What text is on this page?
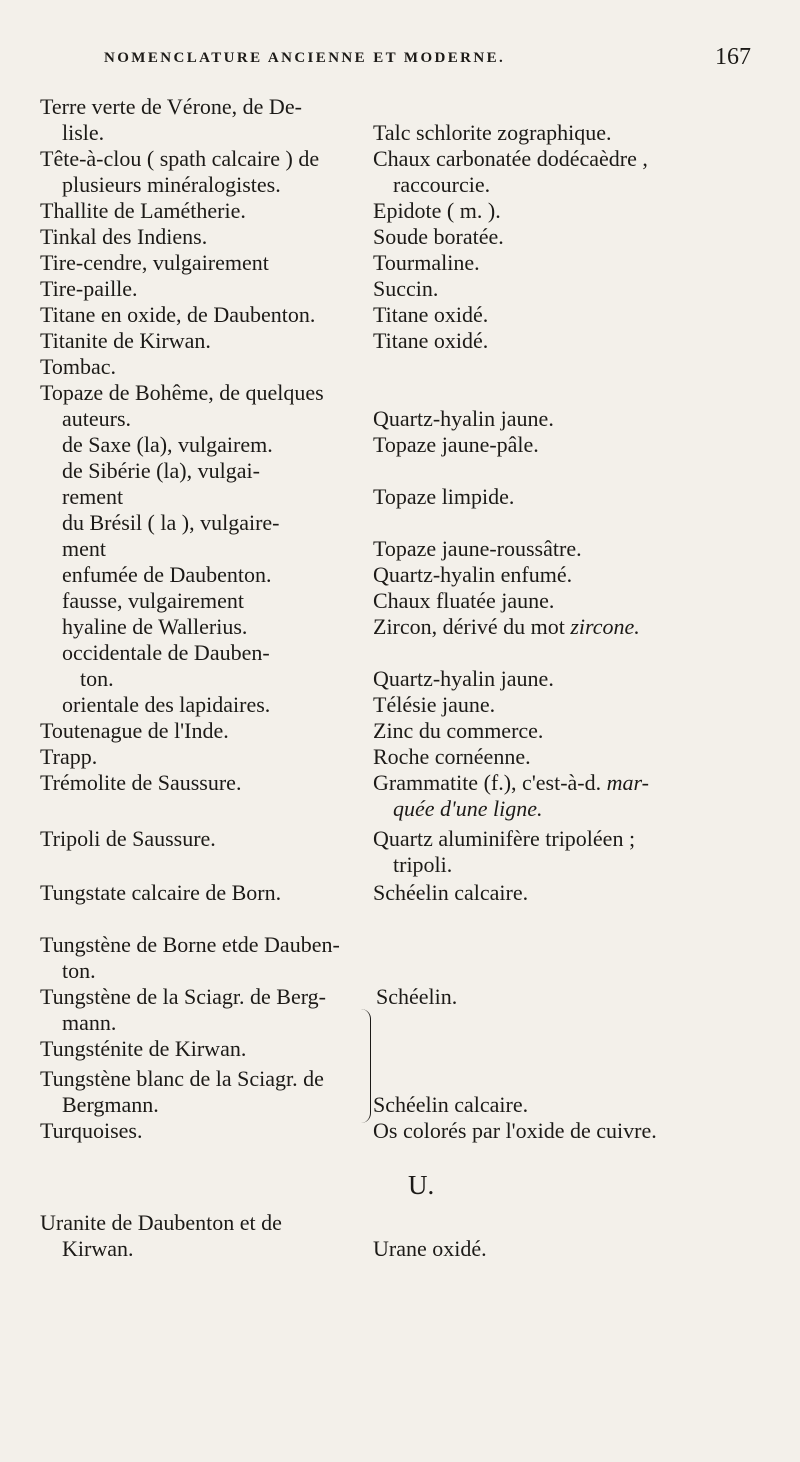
NOMENCLATURE ANCIENNE ET MODERNE.	167
Terre verte de Vérone, de De-
lisle.
Tête-à-clou ( spath calcaire ) de
plusieurs minéralogistes.
Thallite de Lamétherie.
Tinkal des Indiens.
Tire-cendre, vulgairement
Tire-paille.
Titane en oxide, de Daubenton.
Titanite de Kirwan.
Tombac.
Topaze de Bohême, de quelques
auteurs.
de Saxe (la), vulgairem.
de Sibérie (la), vulgai-
rement
du Brésil ( la ), vulgaire-
ment
enfumée de Daubenton.
fausse, vulgairement
hyaline de Wallerius.
occidentale de Dauben-
ton.
orientale des lapidaires.
Toutenague de l'Inde.
Trapp.
Trémolite de Saussure.
Tripoli de Saussure.
Tungstate calcaire de Born.
Tungstène de Borne etde Dauben-
ton.
Tungstène de la Sciagr. de Berg-
mann.
Tungsténite de Kirwan.
Tungstène blanc de la Sciagr. de
Bergmann.
Turquoises.
U.
Uranite de Daubenton et de
Kirwan.
Talc schlorite zographique.
Chaux carbonatée dodécaèdre ,
raccourcie.
Epidote ( m. ).
Soude boratée.
Tourmaline.
Succin.
Titane oxidé.
Titane oxidé.
Quartz-hyalin jaune.
Topaze jaune-pâle.
Topaze limpide.
Topaze jaune-roussâtre.
Quartz-hyalin enfumé.
Chaux fluatée jaune.
Zircon, dérivé du mot zircone.
Quartz-hyalin jaune.
Télésie jaune.
Zinc du commerce.
Roche cornéenne.
Grammatite (f.), c'est-à-d. mar-
quée d'une ligne.
Quartz aluminifère tripoléen ;
tripoli.
Schéelin calcaire.
Schéelin.
Schéelin calcaire.
Os colorés par l'oxide de cuivre.
Urane oxidé.
